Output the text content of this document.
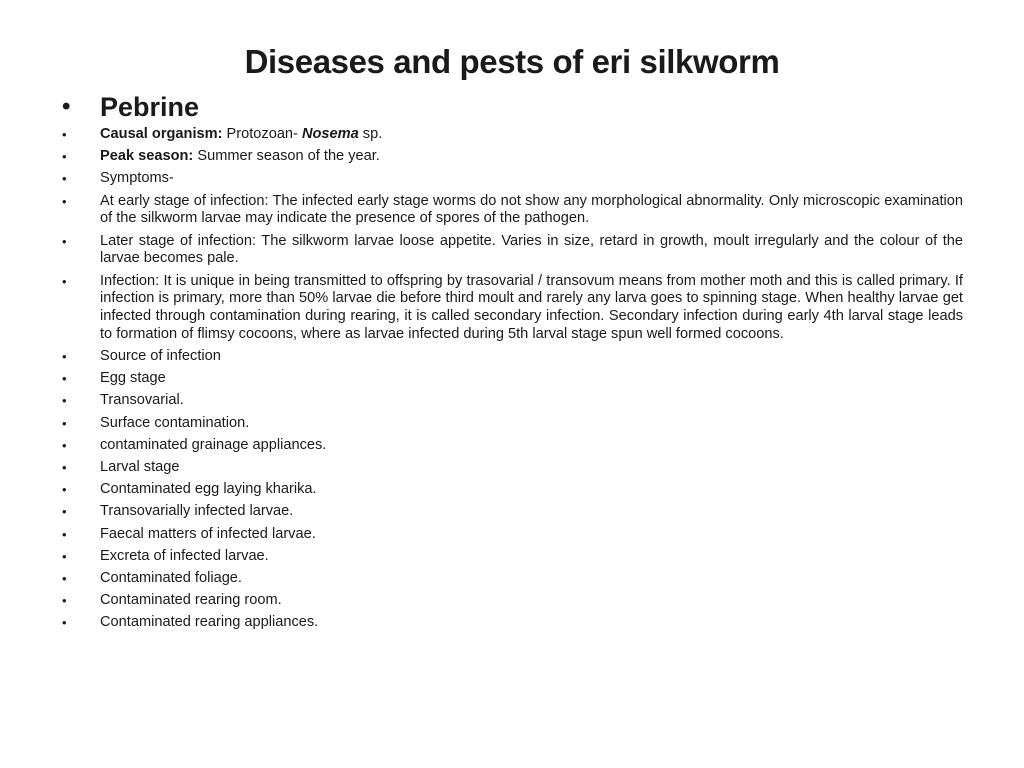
Diseases and pests of eri silkworm
• Pebrine
• Causal organism: Protozoan- Nosema sp.
• Peak season: Summer season of the year.
• Symptoms-
• At early stage of infection: The infected early stage worms do not show any morphological abnormality. Only microscopic examination of the silkworm larvae may indicate the presence of spores of the pathogen.
• Later stage of infection: The silkworm larvae loose appetite. Varies in size, retard in growth, moult irregularly and the colour of the larvae becomes pale.
• Infection: It is unique in being transmitted to offspring by trasovarial / transovum means from mother moth and this is called primary. If infection is primary, more than 50% larvae die before third moult and rarely any larva goes to spinning stage. When healthy larvae get infected through contamination during rearing, it is called secondary infection. Secondary infection during early 4th larval stage leads to formation of flimsy cocoons, where as larvae infected during 5th larval stage spun well formed cocoons.
• Source of infection
• Egg stage
• Transovarial.
• Surface contamination.
• contaminated grainage appliances.
• Larval stage
• Contaminated egg laying kharika.
• Transovarially infected larvae.
• Faecal matters of infected larvae.
• Excreta of infected larvae.
• Contaminated foliage.
• Contaminated rearing room.
• Contaminated rearing appliances.
